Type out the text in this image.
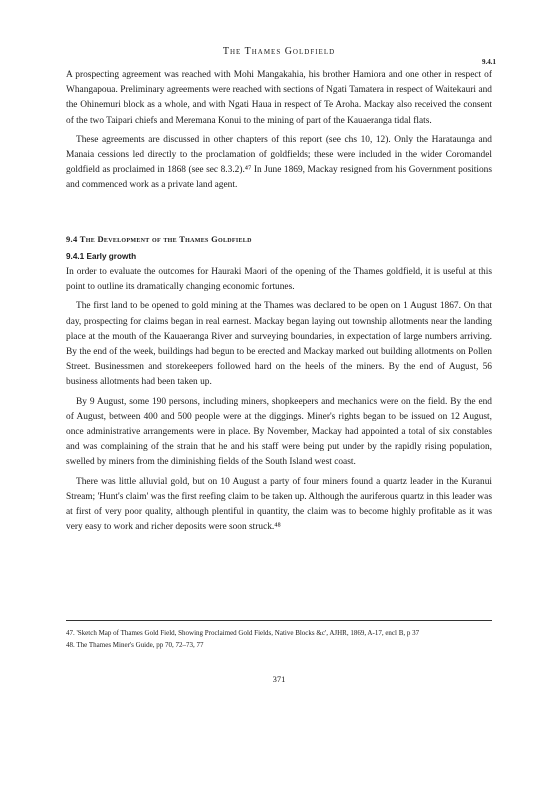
The Thames Goldfield
9.4.1

A prospecting agreement was reached with Mohi Mangakahia, his brother Hamiora and one other in respect of Whangapoua. Preliminary agreements were reached with sections of Ngati Tamatera in respect of Waitekauri and the Ohinemuri block as a whole, and with Ngati Haua in respect of Te Aroha. Mackay also received the consent of the two Taipari chiefs and Meremana Konui to the mining of part of the Kauaeranga tidal flats.

These agreements are discussed in other chapters of this report (see chs 10, 12). Only the Harataunga and Manaia cessions led directly to the proclamation of goldfields; these were included in the wider Coromandel goldfield as proclaimed in 1868 (see sec 8.3.2).⁴⁷ In June 1869, Mackay resigned from his Government positions and commenced work as a private land agent.

9.4 The Development of the Thames Goldfield
9.4.1 Early growth

In order to evaluate the outcomes for Hauraki Maori of the opening of the Thames goldfield, it is useful at this point to outline its dramatically changing economic fortunes.

The first land to be opened to gold mining at the Thames was declared to be open on 1 August 1867. On that day, prospecting for claims began in real earnest. Mackay began laying out township allotments near the landing place at the mouth of the Kauaeranga River and surveying boundaries, in expectation of large numbers arriving. By the end of the week, buildings had begun to be erected and Mackay marked out building allotments on Pollen Street. Businessmen and storekeepers followed hard on the heels of the miners. By the end of August, 56 business allotments had been taken up.

By 9 August, some 190 persons, including miners, shopkeepers and mechanics were on the field. By the end of August, between 400 and 500 people were at the diggings. Miner's rights began to be issued on 12 August, once administrative arrangements were in place. By November, Mackay had appointed a total of six constables and was complaining of the strain that he and his staff were being put under by the rapidly rising population, swelled by miners from the diminishing fields of the South Island west coast.

There was little alluvial gold, but on 10 August a party of four miners found a quartz leader in the Kuranui Stream; 'Hunt's claim' was the first reefing claim to be taken up. Although the auriferous quartz in this leader was at first of very poor quality, although plentiful in quantity, the claim was to become highly profitable as it was very easy to work and richer deposits were soon struck.⁴⁸

47. 'Sketch Map of Thames Gold Field, Showing Proclaimed Gold Fields, Native Blocks &c', AJHR, 1869, A-17, encl B, p 37

48. The Thames Miner's Guide, pp 70, 72–73, 77

371
